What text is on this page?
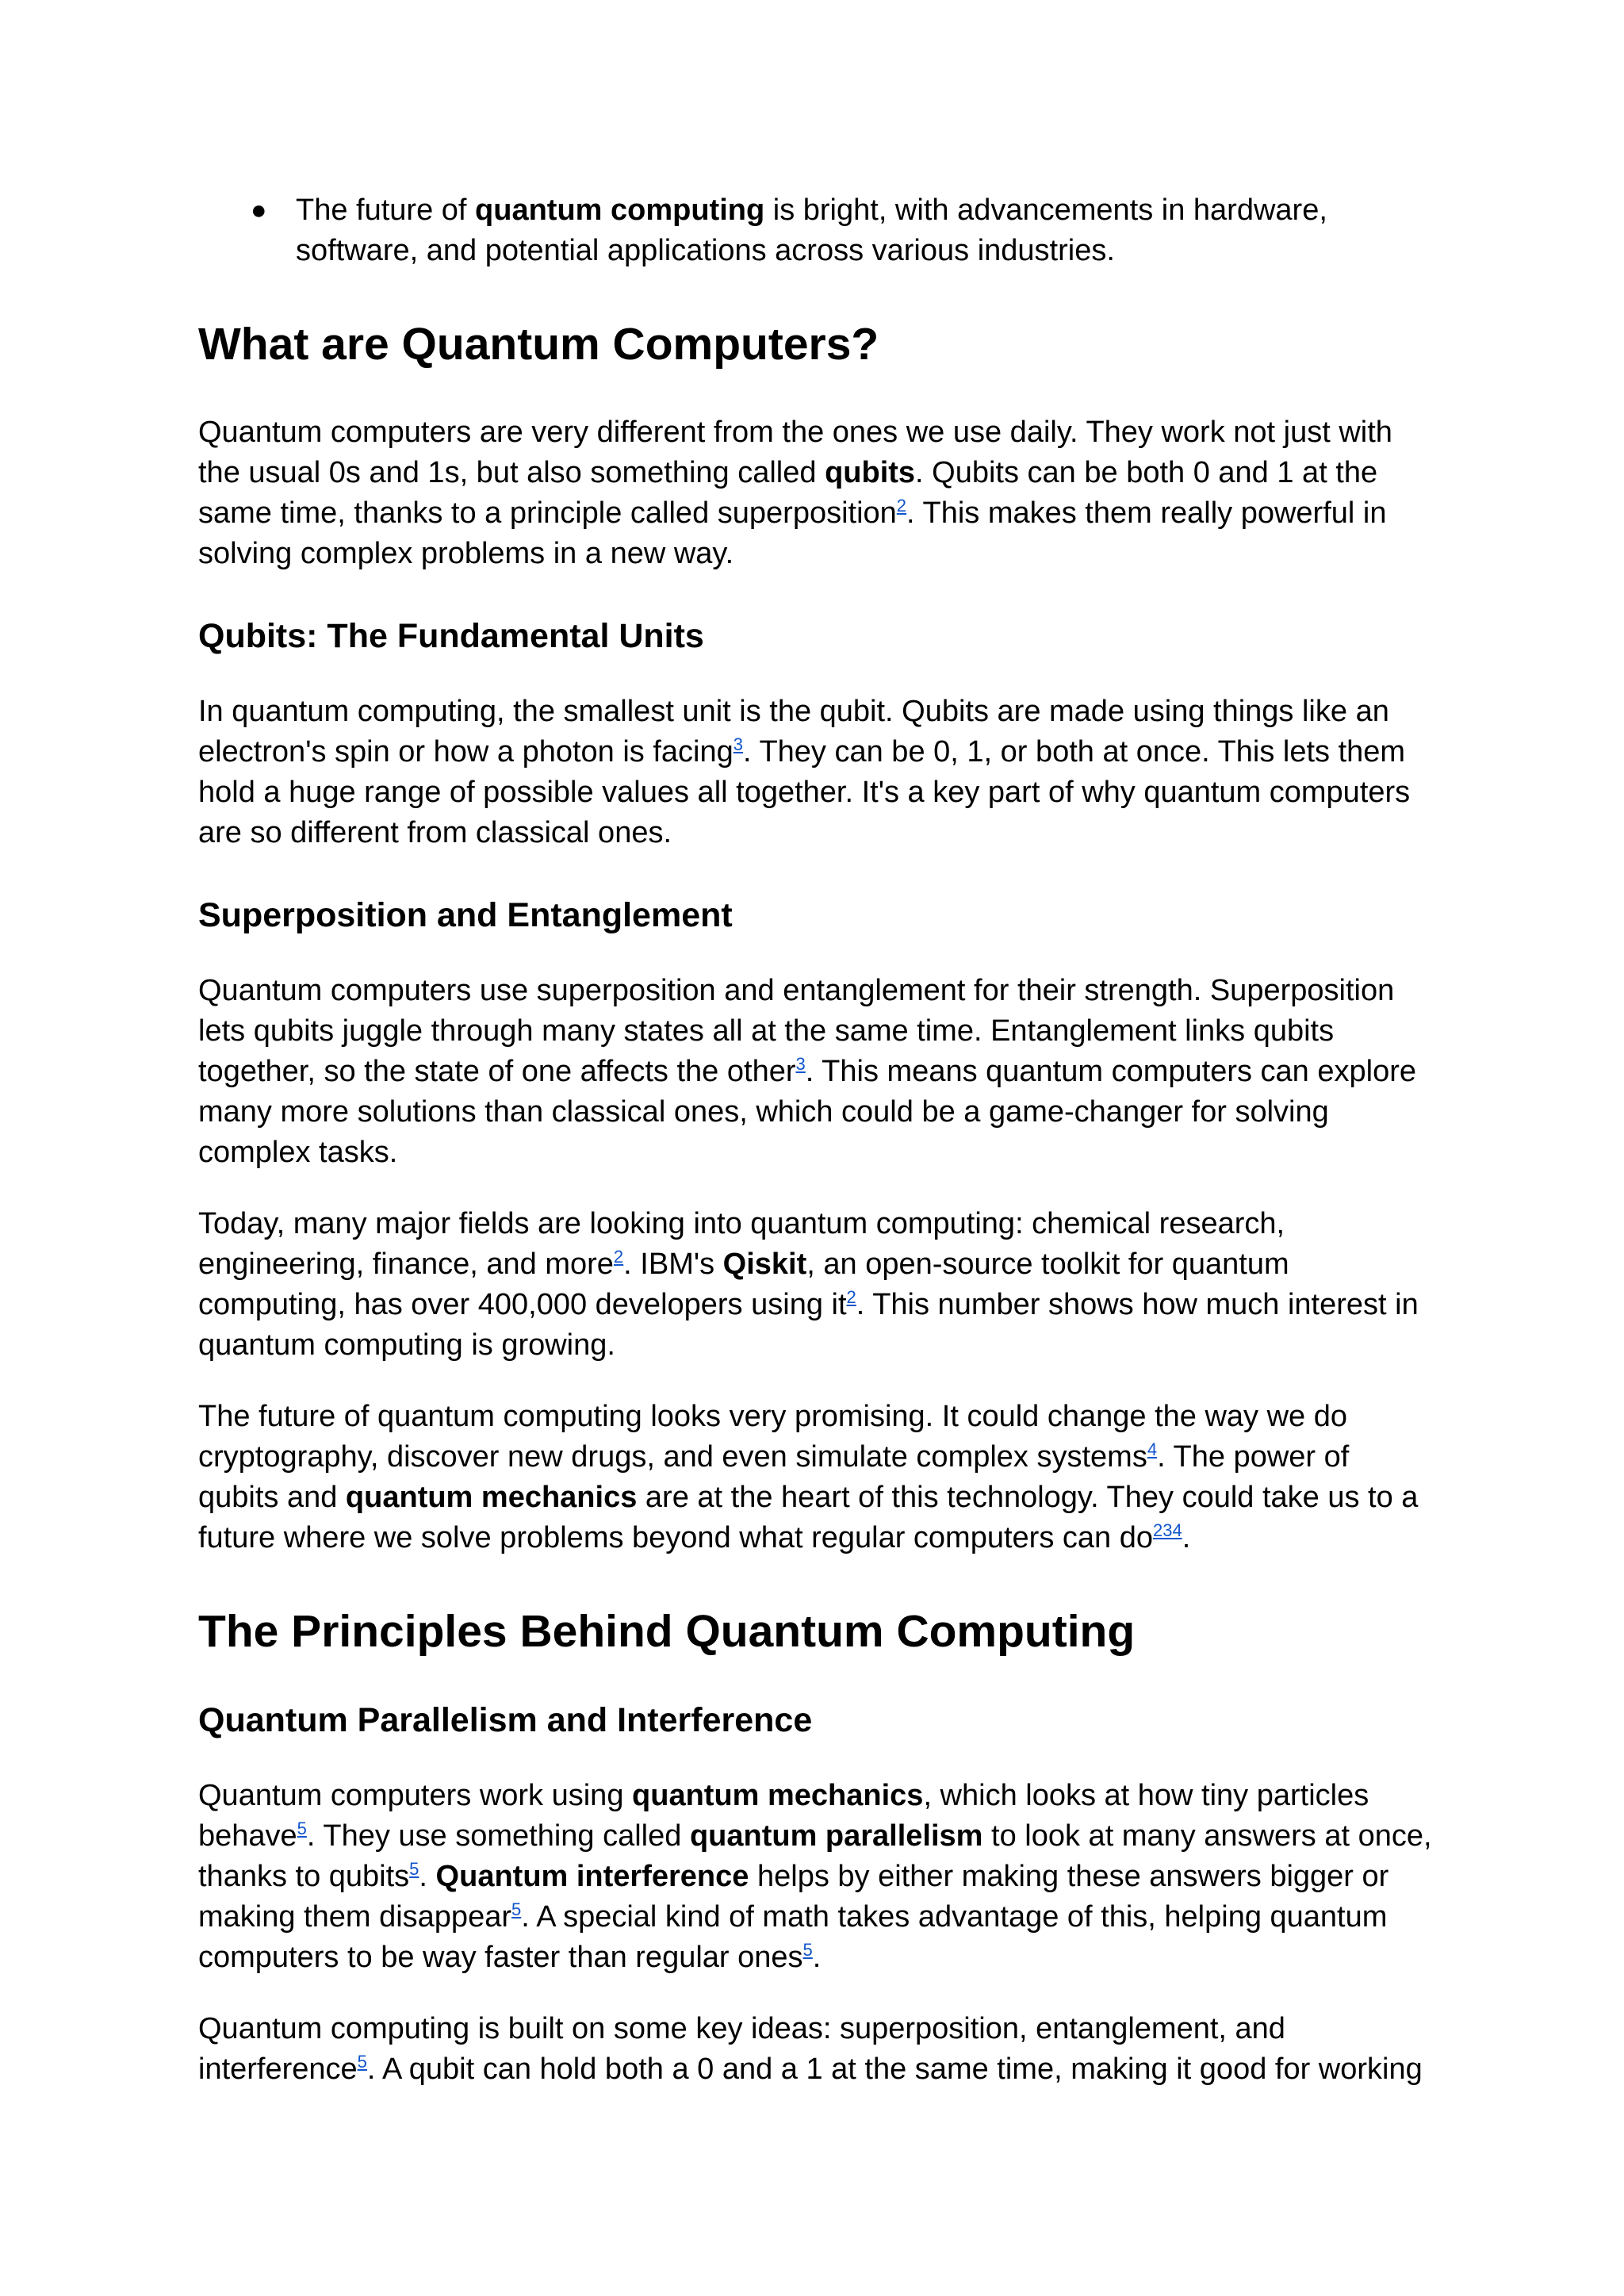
● The future of quantum computing is bright, with advancements in hardware, software, and potential applications across various industries.
What are Quantum Computers?

Quantum computers are very different from the ones we use daily. They work not just with the usual 0s and 1s, but also something called qubits. Qubits can be both 0 and 1 at the same time, thanks to a principle called superposition$^2$. This makes them really powerful in solving complex problems in a new way.

Qubits: The Fundamental Units

In quantum computing, the smallest unit is the qubit. Qubits are made using things like an electron's spin or how a photon is facing$^3$. They can be 0, 1, or both at once. This lets them hold a huge range of possible values all together. It's a key part of why quantum computers are so different from classical ones.

Superposition and Entanglement

Quantum computers use superposition and entanglement for their strength. Superposition lets qubits juggle through many states all at the same time. Entanglement links qubits together, so the state of one affects the other$^3$. This means quantum computers can explore many more solutions than classical ones, which could be a game-changer for solving complex tasks.

Today, many major fields are looking into quantum computing: chemical research, engineering, finance, and more$^2$. IBM's Qiskit, an open-source toolkit for quantum computing, has over 400,000 developers using $it^2$. This number shows how much interest in quantum computing is growing.

The future of quantum computing looks very promising. It could change the way we do cryptography, discover new drugs, and even simulate complex systems$^4$. The power of qubits and quantum mechanics are at the heart of this technology. They could take us to a future where we solve problems beyond what regular computers can $do^{234}$.

The Principles Behind Quantum Computing
Quantum Parallelism and Interference

Quantum computers work using quantum mechanics, which looks at how tiny particles behave$^5$. They use something called quantum parallelism to look at many answers at once, thanks to qubits$^5$. Quantum interference helps by either making these answers bigger or making them disappear$^5$. A special kind of math takes advantage of this, helping quantum computers to be way faster than regular ones$^5$.

Quantum computing is built on some key ideas: superposition, entanglement, and interference$^5$. A qubit can hold both a 0 and a 1 at the same time, making it good for working
